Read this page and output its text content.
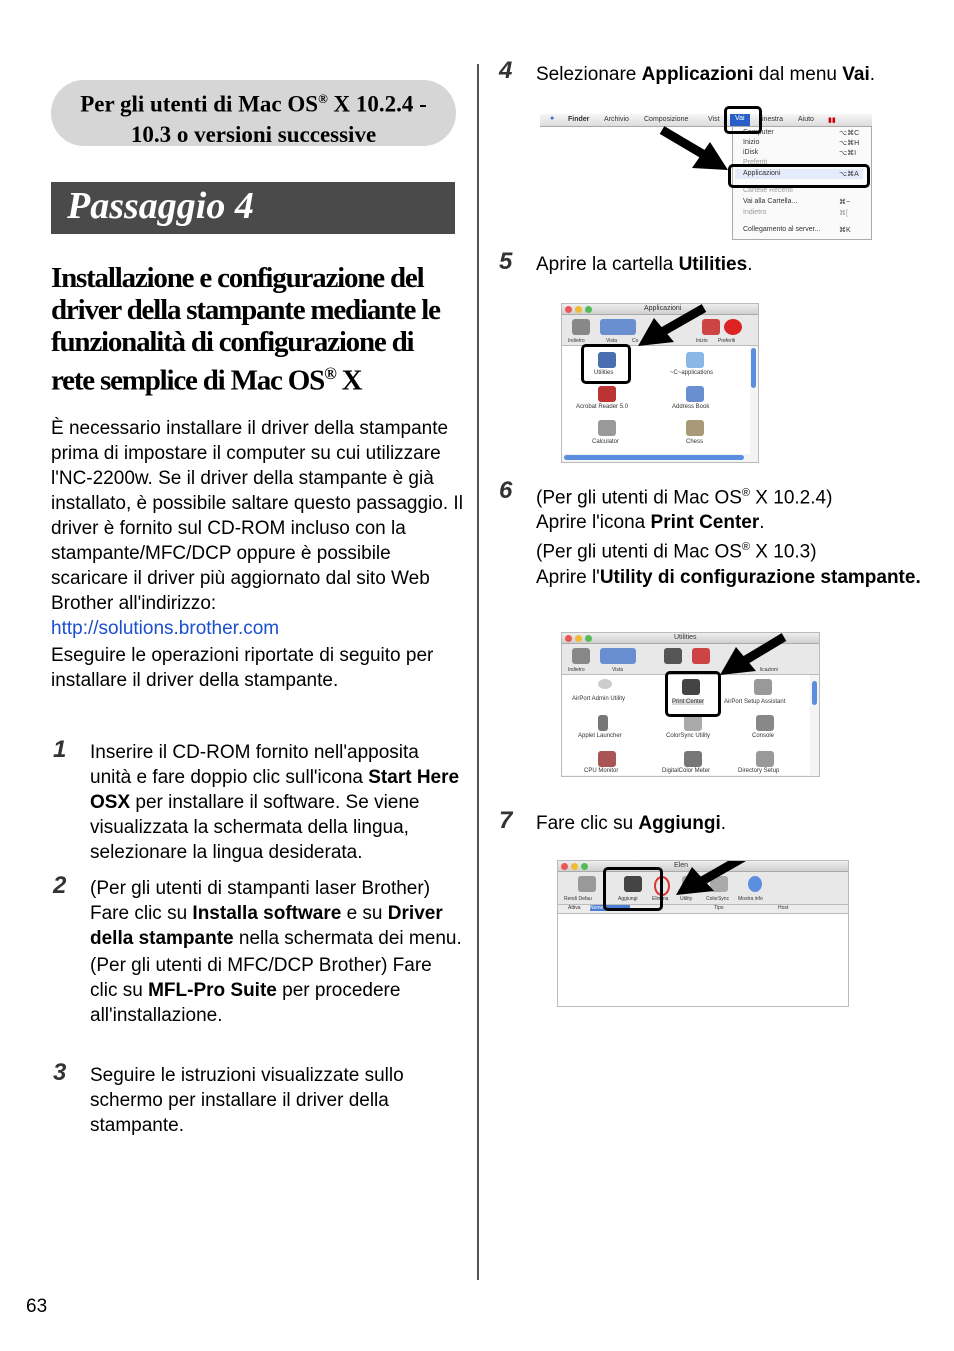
Per gli utenti di Mac OS® X 10.2.4 -
10.3 o versioni successive
Passaggio 4
Installazione e configurazione del driver della stampante mediante le funzionalità di configurazione di rete semplice di Mac OS® X
È necessario installare il driver della stampante prima di impostare il computer su cui utilizzare l'NC-2200w. Se il driver della stampante è già installato, è possibile saltare questo passaggio. Il driver è fornito sul CD-ROM incluso con la stampante/MFC/DCP oppure è possibile scaricare il driver più aggiornato dal sito Web Brother all'indirizzo:
http://solutions.brother.com
Eseguire le operazioni riportate di seguito per installare il driver della stampante.
1 Inserire il CD-ROM fornito nell'apposita unità e fare doppio clic sull'icona Start Here OSX per installare il software. Se viene visualizzata la schermata della lingua, selezionare la lingua desiderata.
2 (Per gli utenti di stampanti laser Brother) Fare clic su Installa software e su Driver della stampante nella schermata dei menu.
(Per gli utenti di MFC/DCP Brother) Fare clic su MFL-Pro Suite per procedere all'installazione.
3 Seguire le istruzioni visualizzate sullo schermo per installare il driver della stampante.
4 Selezionare Applicazioni dal menu Vai.
● Finder Archivio Composizione	Vist	Vai	inestra Aiuto ▮▮
Computer	⌥⌘C
Inizio	⌥⌘H
iDisk	⌥⌘I
Preferiti
Applicazioni	⌥⌘A
Cartelle Recenti
Vai alla Cartella...	⌘~
Indietro	⌘[
Collegamento al server...	⌘K
5 Aprire la cartella Utilities.
Applicazioni
Indietro	Vista	Co	Inizio Preferiti
Utilities	~C~applications
Acrobat Reader 5.0	Address Book
Calculator	Chess
6 (Per gli utenti di Mac OS® X 10.2.4)
Aprire l'icona Print Center.
(Per gli utenti di Mac OS® X 10.3)
Aprire l'Utility di configurazione stampante.
Utilities
Indietro	Vista	licazioni
AirPort Admin Utility	Print Center	AirPort Setup Assistant
Applet Launcher	ColorSync Utility	Console
CPU Monitor	DigitalColor Meter	Directory Setup
7 Fare clic su Aggiungi.
Elen
Rendi Defau	Aggiungi	Elimina Utility	ColorSync Mostra info
Attiva Nome	Tipo	Host
63
